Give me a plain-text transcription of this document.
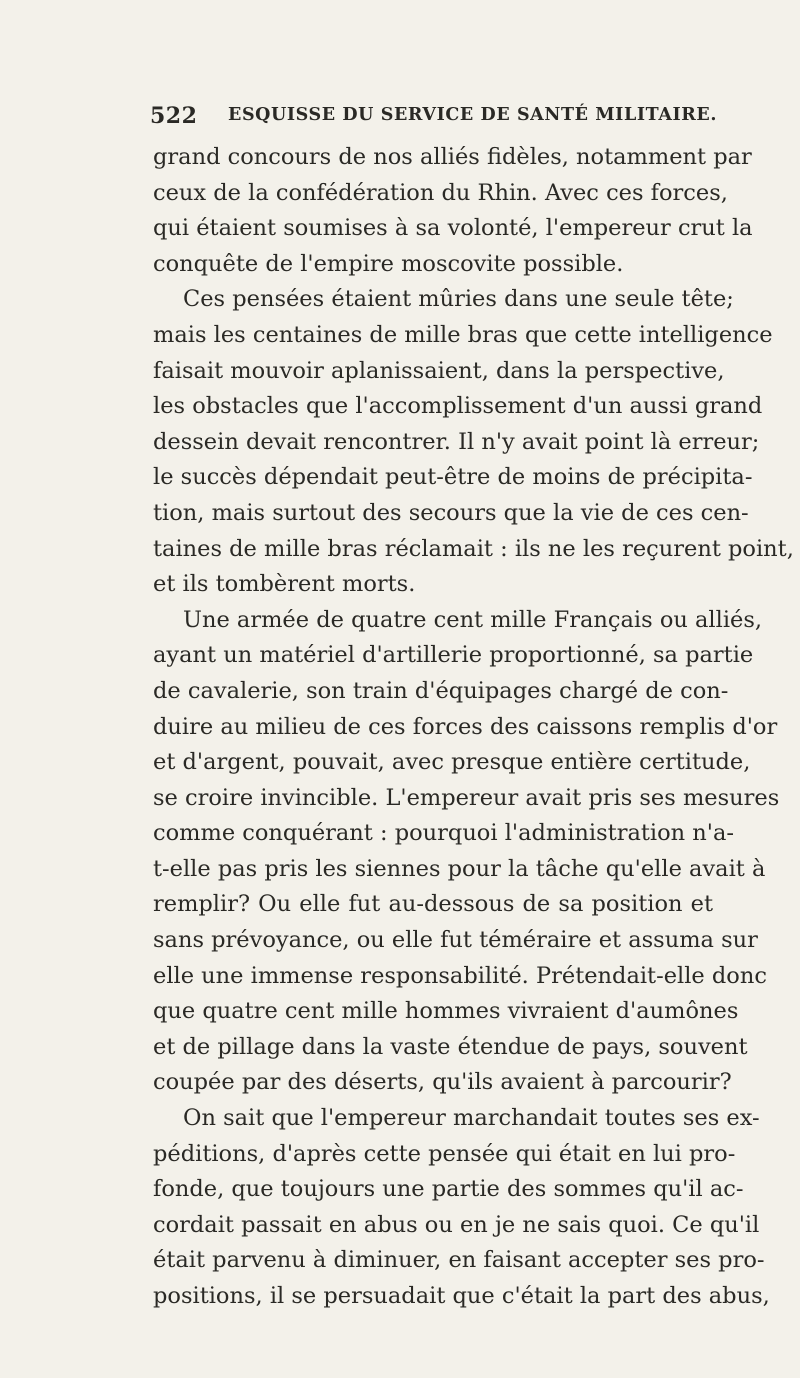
522 ESQUISSE DU SERVICE DE SANTÉ MILITAIRE.
grand concours de nos alliés fidèles, notamment par
ceux de la confédération du Rhin. Avec ces forces,
qui étaient soumises à sa volonté, l'empereur crut la
conquête de l'empire moscovite possible.
Ces pensées étaient mûries dans une seule tête;
mais les centaines de mille bras que cette intelligence
faisait mouvoir aplanissaient, dans la perspective,
les obstacles que l'accomplissement d'un aussi grand
dessein devait rencontrer. Il n'y avait point là erreur;
le succès dépendait peut-être de moins de précipita-
tion, mais surtout des secours que la vie de ces cen-
taines de mille bras réclamait : ils ne les reçurent point,
et ils tombèrent morts.
Une armée de quatre cent mille Français ou alliés,
ayant un matériel d'artillerie proportionné, sa partie
de cavalerie, son train d'équipages chargé de con-
duire au milieu de ces forces des caissons remplis d'or
et d'argent, pouvait, avec presque entière certitude,
se croire invincible. L'empereur avait pris ses mesures
comme conquérant : pourquoi l'administration n'a-
t-elle pas pris les siennes pour la tâche qu'elle avait à
remplir? Ou elle fut au-dessous de sa position et
sans prévoyance, ou elle fut téméraire et assuma sur
elle une immense responsabilité. Prétendait-elle donc
que quatre cent mille hommes vivraient d'aumônes
et de pillage dans la vaste étendue de pays, souvent
coupée par des déserts, qu'ils avaient à parcourir?
On sait que l'empereur marchandait toutes ses ex-
péditions, d'après cette pensée qui était en lui pro-
fonde, que toujours une partie des sommes qu'il ac-
cordait passait en abus ou en je ne sais quoi. Ce qu'il
était parvenu à diminuer, en faisant accepter ses pro-
positions, il se persuadait que c'était la part des abus,
